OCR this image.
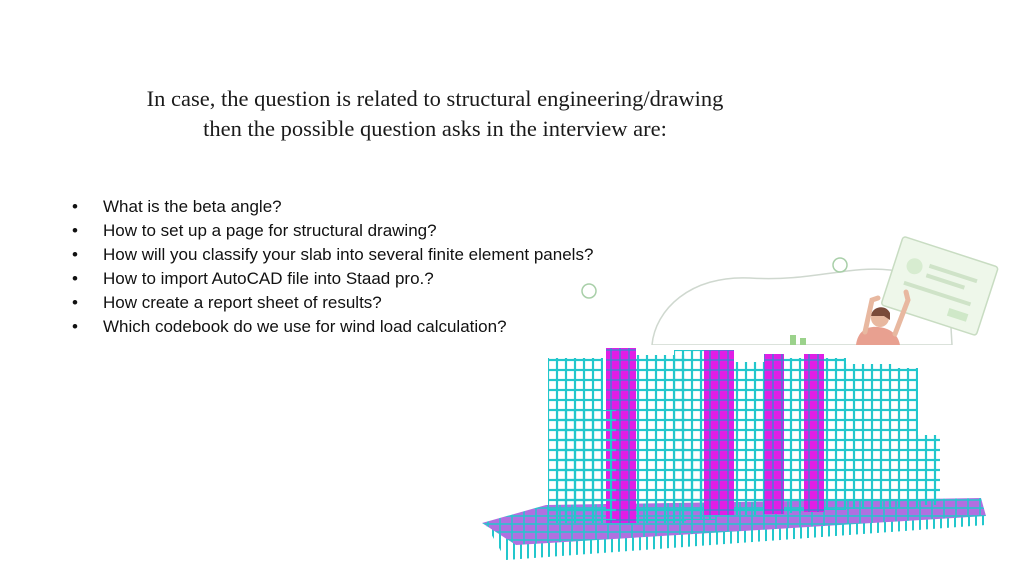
In case, the question is related to structural engineering/drawing
then the possible question asks in the interview are:
•	What is the beta angle?
•	How to set up a page for structural drawing?
•	How will you classify your slab into several finite element panels?
•	How to import AutoCAD file into Staad pro.?
•	How create a report sheet of results?
•	Which codebook do we use for wind load calculation?
